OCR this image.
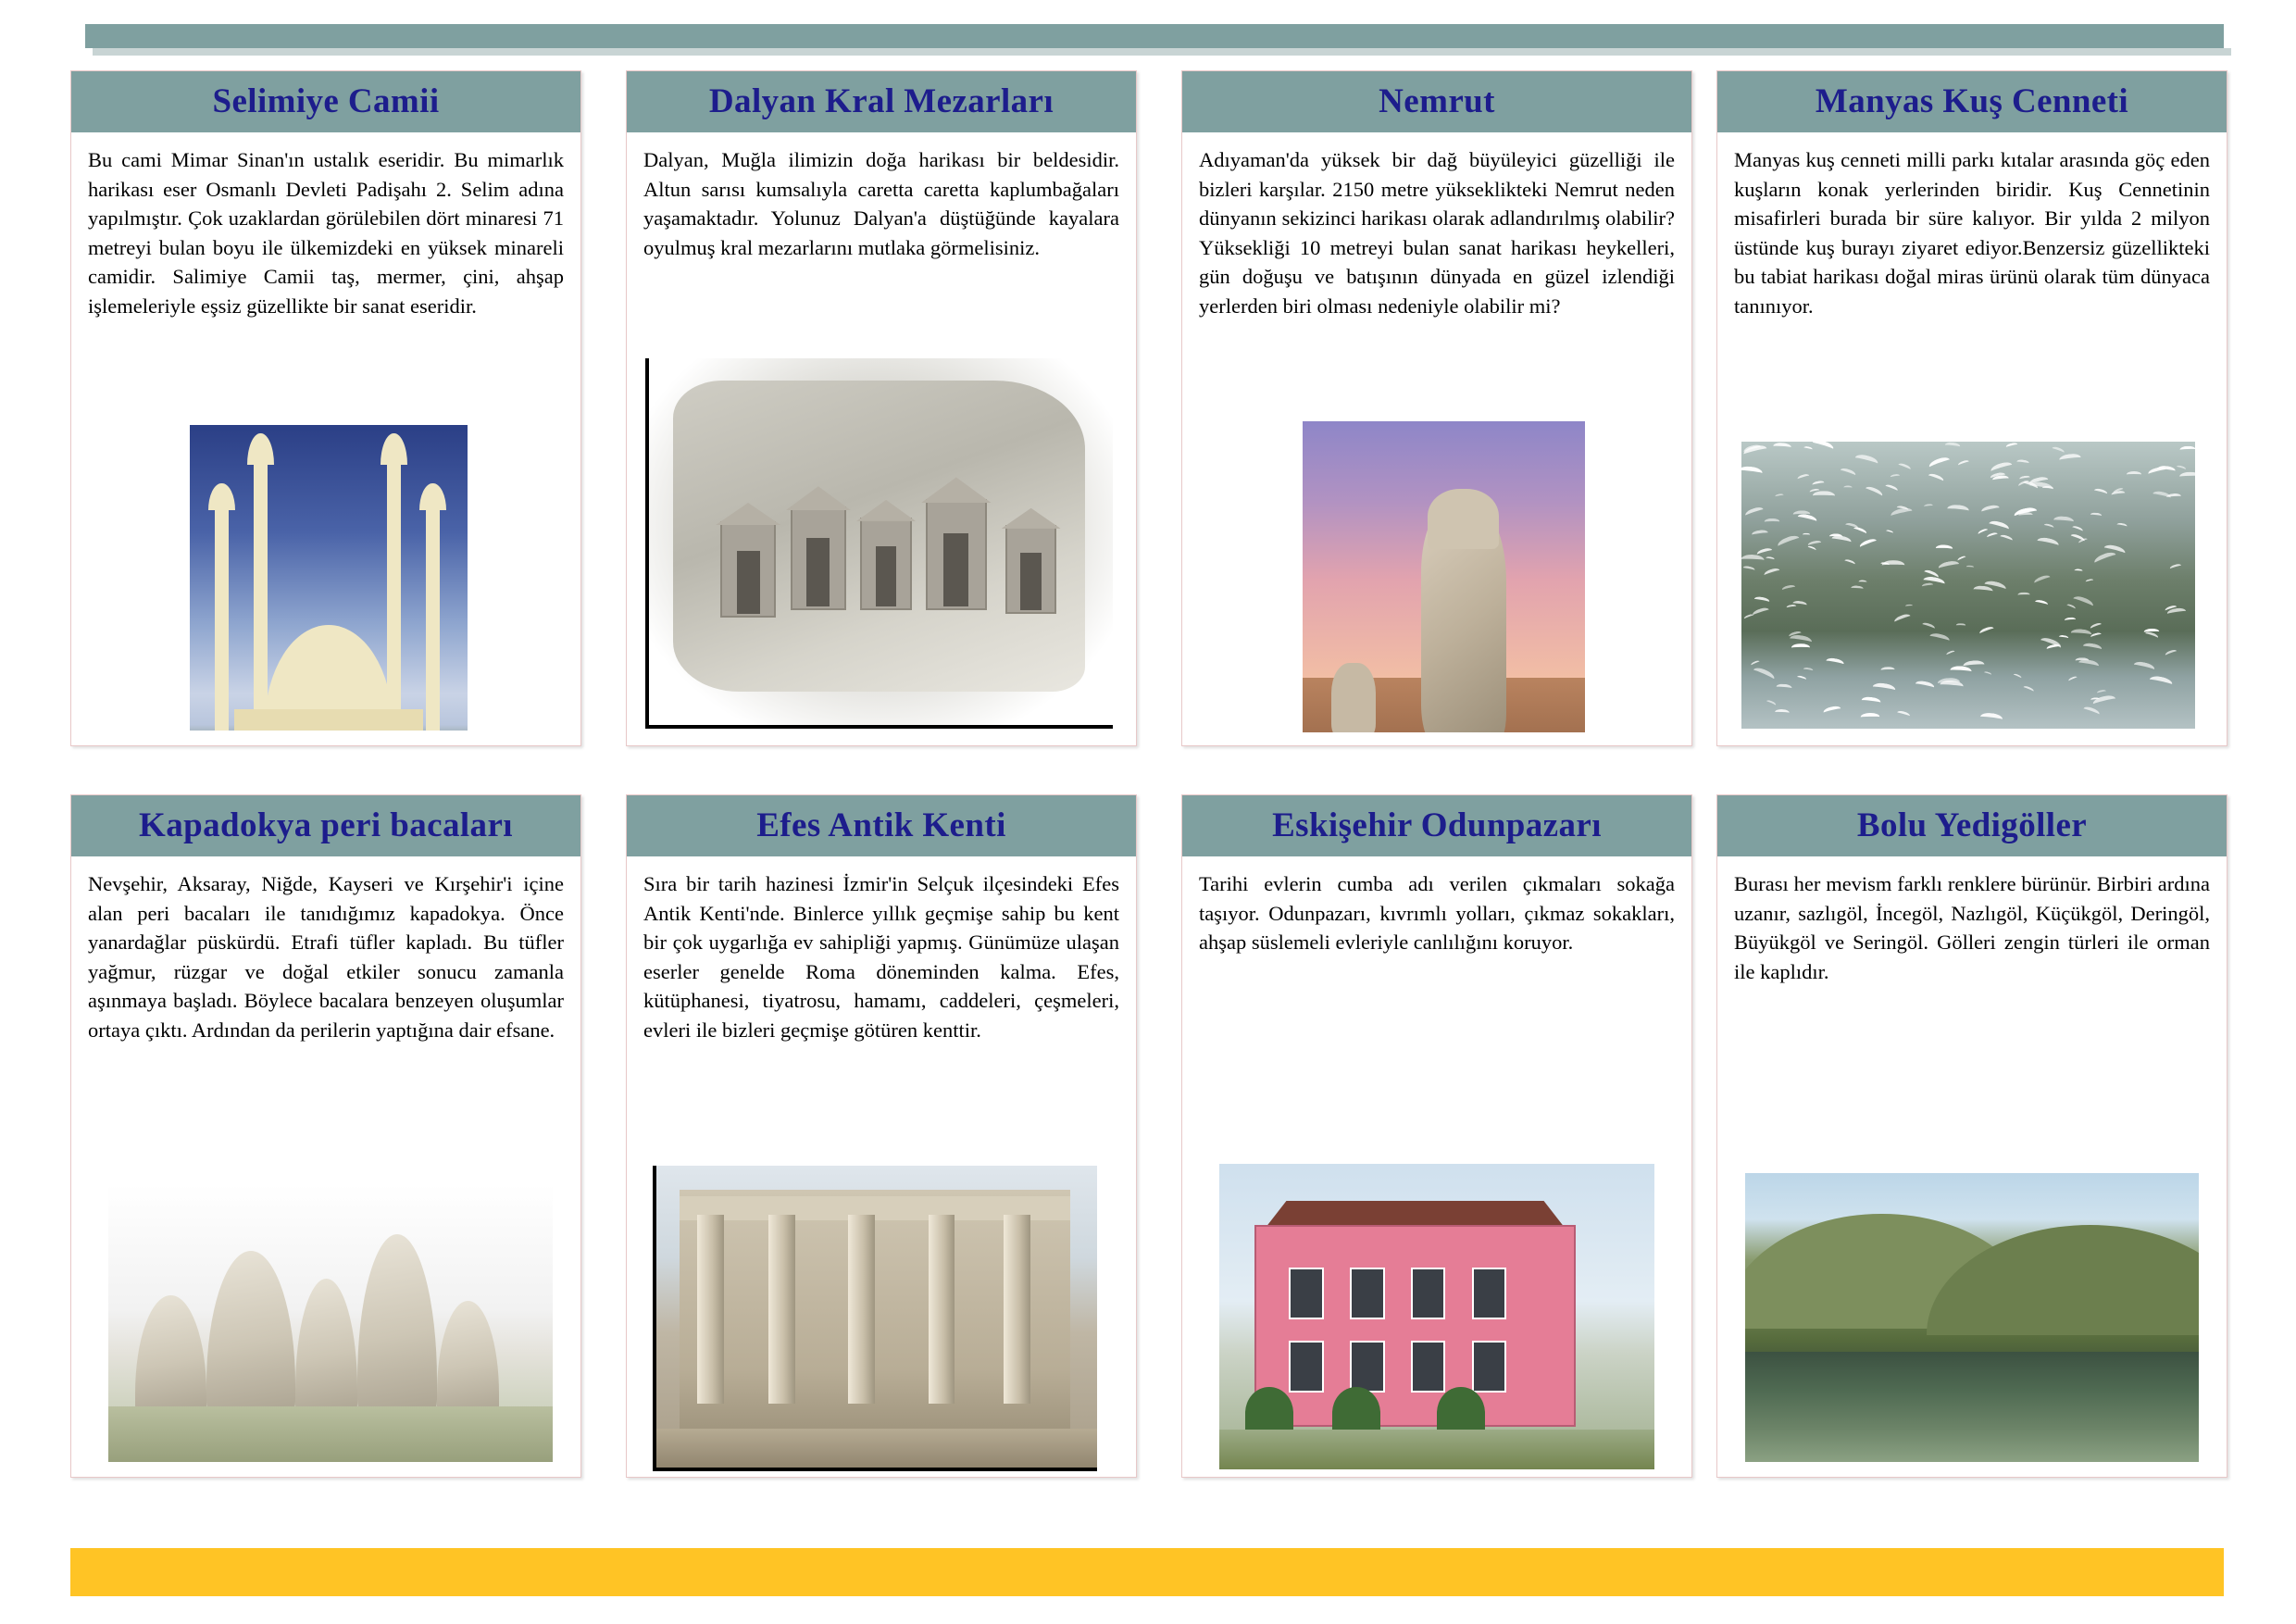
Selimiye Camii

Bu cami Mimar Sinan'ın ustalık eseridir. Bu mimarlık harikası eser Osmanlı Devleti Padişahı 2. Selim adına yapılmıştır. Çok uzaklardan görülebilen dört minaresi 71 metreyi bulan boyu ile ülkemizdeki en yüksek minareli camidir. Salimiye Camii taş, mermer, çini, ahşap işlemeleriyle eşsiz güzellikte bir sanat eseridir.

Dalyan Kral Mezarları

Dalyan, Muğla ilimizin doğa harikası bir beldesidir. Altun sarısı kumsalıyla caretta caretta kaplumbağaları yaşamaktadır. Yolunuz Dalyan'a düştüğünde kayalara oyulmuş kral mezarlarını mutlaka görmelisiniz.

Nemrut

Adıyaman'da yüksek bir dağ büyüleyici güzelliği ile bizleri karşılar. 2150 metre yükseklikteki Nemrut neden dünyanın sekizinci harikası olarak adlandırılmış olabilir? Yüksekliği 10 metreyi bulan sanat harikası heykelleri, gün doğuşu ve batışının dünyada en güzel izlendiği yerlerden biri olması nedeniyle olabilir mi?

Manyas Kuş Cenneti

Manyas kuş cenneti milli parkı kıtalar arasında göç eden kuşların konak yerlerinden biridir. Kuş Cennetinin misafirleri burada bir süre kalıyor. Bir yılda 2 milyon üstünde kuş burayı ziyaret ediyor.Benzersiz güzellikteki bu tabiat harikası doğal miras ürünü olarak tüm dünyaca tanınıyor.

Kapadokya peri bacaları

Nevşehir, Aksaray, Niğde, Kayseri ve Kırşehir'i içine alan peri bacaları ile tanıdığımız kapadokya. Önce yanardağlar püskürdü. Etrafi tüfler kapladı. Bu tüfler yağmur, rüzgar ve doğal etkiler sonucu zamanla aşınmaya başladı. Böylece bacalara benzeyen oluşumlar ortaya çıktı. Ardından da perilerin yaptığına dair efsane.

Efes Antik Kenti

Sıra bir tarih hazinesi İzmir'in Selçuk ilçesindeki Efes Antik Kenti'nde. Binlerce yıllık geçmişe sahip bu kent bir çok uygarlığa ev sahipliği yapmış. Günümüze ulaşan eserler genelde Roma döneminden kalma. Efes, kütüphanesi, tiyatrosu, hamamı, caddeleri, çeşmeleri, evleri ile bizleri geçmişe götüren kenttir.

Eskişehir Odunpazarı

Tarihi evlerin cumba adı verilen çıkmaları sokağa taşıyor. Odunpazarı, kıvrımlı yolları, çıkmaz sokakları, ahşap süslemeli evleriyle canlılığını koruyor.

Bolu Yedigöller

Burası her mevism farklı renklere bürünür. Birbiri ardına uzanır, sazlıgöl, İncegöl, Nazlıgöl, Küçükgöl, Deringöl, Büyükgöl ve Seringöl. Gölleri zengin türleri ile orman ile kaplıdır.
